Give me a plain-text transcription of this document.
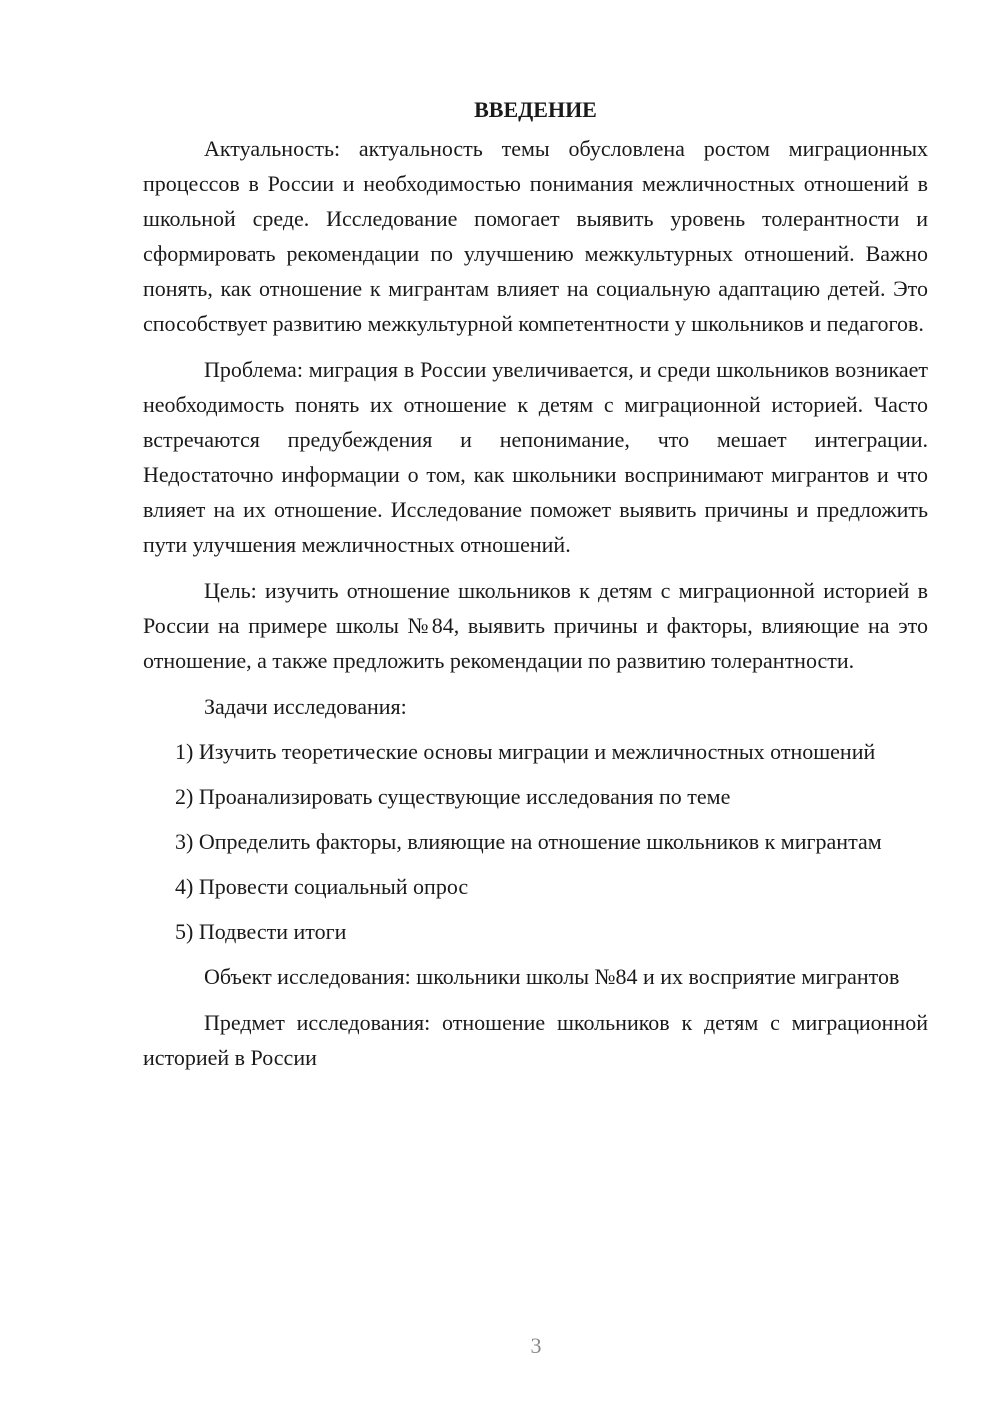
ВВЕДЕНИЕ

Актуальность: актуальность темы обусловлена ростом миграционных процессов в России и необходимостью понимания межличностных отношений в школьной среде. Исследование помогает выявить уровень толерантности и сформировать рекомендации по улучшению межкультурных отношений. Важно понять, как отношение к мигрантам влияет на социальную адаптацию детей. Это способствует развитию межкультурной компетентности у школьников и педагогов.

Проблема: миграция в России увеличивается, и среди школьников возникает необходимость понять их отношение к детям с миграционной историей. Часто встречаются предубеждения и непонимание, что мешает интеграции. Недостаточно информации о том, как школьники воспринимают мигрантов и что влияет на их отношение. Исследование поможет выявить причины и предложить пути улучшения межличностных отношений.

Цель: изучить отношение школьников к детям с миграционной историей в России на примере школы №84, выявить причины и факторы, влияющие на это отношение, а также предложить рекомендации по развитию толерантности.

Задачи исследования:

1) Изучить теоретические основы миграции и межличностных отношений

2) Проанализировать существующие исследования по теме

3) Определить факторы, влияющие на отношение школьников к мигрантам

4) Провести социальный опрос

5) Подвести итоги

Объект исследования: школьники школы №84 и их восприятие мигрантов

Предмет исследования: отношение школьников к детям с миграционной историей в России

3
